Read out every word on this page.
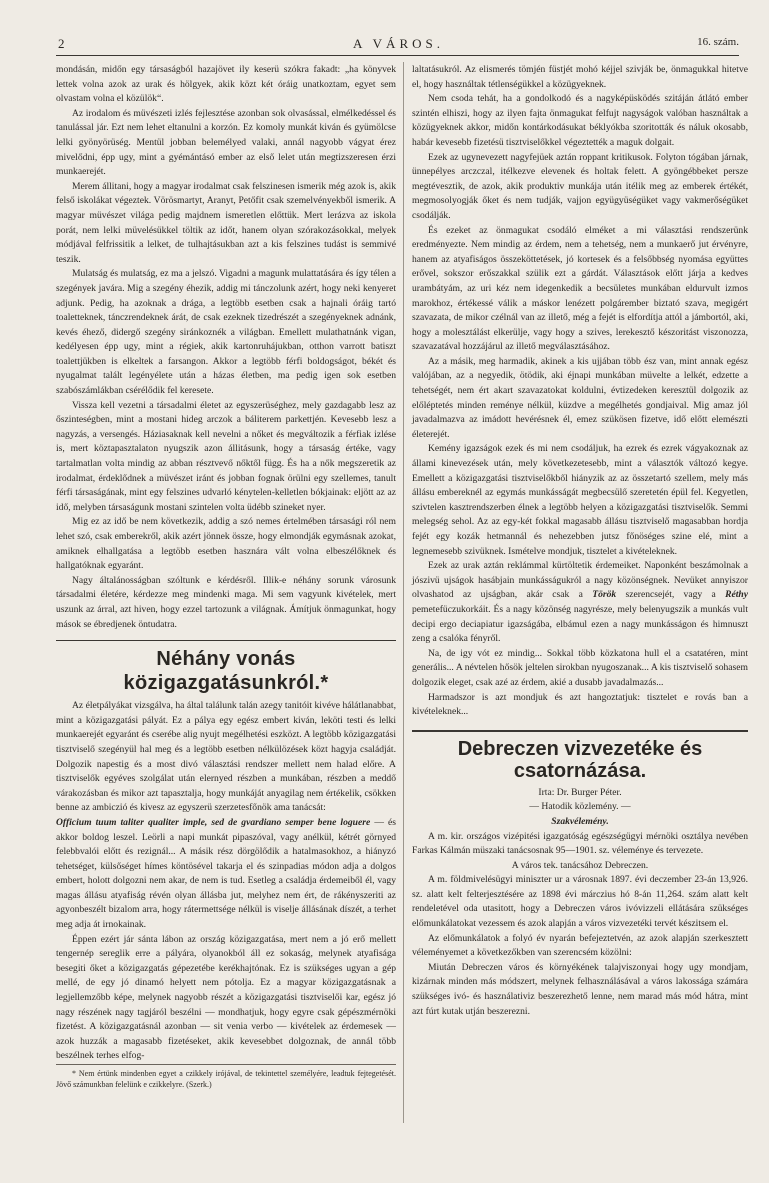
2	A VÁROS.	16. szám.

mondásán, midőn egy társaságból hazajövet ily keserü szókra fakadt: „ha könyvek lettek volna azok az urak és hölgyek, akik közt két óráig unatkoztam, egyet sem olvastam volna el közülök“.

Az irodalom és müvészeti izlés fejlesztése azonban sok olvasással, elmélkedéssel és tanulással jár. Ezt nem lehet eltanulni a korzón. Ez komoly munkát kiván és gyümölcse lelki gyönyörüség. Mentül jobban belemélyed valaki, annál nagyobb vágyat érez mivelődni, épp ugy, mint a gyémántásó ember az első lelet után megtizszeresen érzi munkaerejét.

Merem állitani, hogy a magyar irodalmat csak felszinesen ismerik még azok is, akik felső iskolákat végeztek. Vörösmartyt, Aranyt, Petőfit csak szemelvényekből ismerik. A magyar müvészet világa pedig majdnem ismeretlen előttük. Mert lerázva az iskola porát, nem lelki müvelésükkel töltik az időt, hanem olyan szórakozásokkal, melyek módjával felfrissitik a lelket, de tulhajtásukban azt a kis felszines tudást is semmivé teszik.

Mulatság és mulatság, ez ma a jelszó. Vigadni a magunk mulattatására és így télen a szegények javára. Mig a szegény éhezik, addig mi tánczolunk azért, hogy neki kenyeret adjunk. Pedig, ha azoknak a drága, a legtöbb esetben csak a hajnali óráig tartó toaletteknek, tánczrendeknek árát, de csak ezeknek tizedrészét a szegényeknek adnánk, kevés éhező, didergő szegény siránkoznék a világban. Emellett mulathatnánk vigan, kedélyesen épp ugy, mint a régiek, akik kartonruhájukban, otthon varrott batiszt toalettjükben is elkeltek a farsangon. Akkor a legtöbb férfi boldogságot, békét és nyugalmat talált legényélete után a házas életben, ma pedig igen sok esetben szabószámlákban csérélődik fel keresete.

Vissza kell vezetni a társadalmi életet az egyszerüséghez, mely gazdagabb lesz az őszinteségben, mint a mostani hideg arczok a báliterem parkettjén. Kevesebb lesz a nagyzás, a versengés. Háziasaknak kell nevelni a nőket és megváltozik a férfiak izlése is, mert köztapasztalaton nyugszik azon állitásunk, hogy a társaság értéke, vagy tartalmatlan volta mindig az abban résztvevő nőktől függ. És ha a nők megszeretik az irodalmat, érdeklődnek a müvészet iránt és jobban fognak örülni egy szellemes, tanult férfi társaságának, mint egy felszines udvarló kénytelen-kelletlen bókjainak: eljött az az idő, melyben társaságunk mostani szintelen volta üdébb szineket nyer.

Mig ez az idő be nem következik, addig a szó nemes értelmében társasági ról nem lehet szó, csak emberekről, akik azért jönnek össze, hogy elmondják egymásnak azokat, amiknek elhallgatása a legtöbb esetben hasznára vált volna elbeszélőknek és hallgatóknak egyaránt.

Nagy általánosságban szóltunk e kérdésről. Illik-e néhány sorunk városunk társadalmi életére, kérdezze meg mindenki maga. Mi sem vagyunk kivételek, mert uszunk az árral, azt hiven, hogy ezzel tartozunk a világnak. Ámítjuk önmagunkat, hogy mások se ébredjenek öntudatra.

Néhány vonás közigazgatásunkról.*

Az életpályákat vizsgálva, ha által találunk talán azegy tanitóit kivéve hálátlanabbat, mint a közigazgatási pályát. Ez a pálya egy egész embert kiván, leköti testi és lelki munkaerejét egyaránt és cserébe alig nyujt megélhetési eszközt. A legtöbb közigazgatási tisztviselő szegényül hal meg és a legtöbb esetben nélkülözések közt hagyja családját. Dolgozik napestig és a most divó választási rendszer mellett nem halad előre. A tisztviselők egyéves szolgálat után elernyed részben a munkában, részben a meddő várakozásban és mikor azt tapasztalja, hogy munkáját anyagilag nem értékelik, csökken benne az ambiczió és kivesz az egyszerü szerzetesfőnök ama tanácsát:

Officium tuum taliter qualiter imple, sed de gvardiano semper bene loguere — és akkor boldog leszel. Leörli a napi munkát pipaszóval, vagy anélkül, kétrét görnyed felebbvalói előtt és rezignál... A másik rész dörgölődik a hatalmasokhoz, a hiányzó tehetséget, külsőséget hímes köntösével takarja el és szinpadias módon adja a dolgos embert, holott dolgozni nem akar, de nem is tud. Esetleg a családja érdemeiből él, vagy magas állásu atyafiság révén olyan állásba jut, melyhez nem ért, de rákényszeriti az agyonbeszélt bizalom arra, hogy rátermettsége nélkül is viselje állásának díszét, a terhet meg adja át irnokainak.

Éppen ezért jár sánta lábon az ország közigazgatása, mert nem a jó erő mellett tengernép sereglik erre a pályára, olyanokból áll ez sokaság, melynek atyafisága besegiti őket a közigazgatás gépezetébe kerékhajtónak. Ez is szükséges ugyan a gép mellé, de egy jó dinamó helyett nem pótolja. Ez a magyar közigazgatásnak a legjellemzőbb képe, melynek nagyobb részét a közigazgatási tisztviselői kar, egész jó nagy részének nagy tagjáról beszélni — mondhatjuk, hogy egyre csak gépészmérnöki fizetést. A közigazgatásnál azonban — sit venia verbo — kivételek az érdemesek — azok huzzák a magasabb fizetéseket, akik kevesebbet dolgoznak, de annál több beszélnek terhes elfog-

* Nem értünk mindenben egyet a czikkely irójával, de tekintettel személyére, leadtuk fejtegetését. Jövő számunkban felelünk e czikkelyre. (Szerk.)

laltatásukról. Az elismerés tömjén füstjét mohó kéjjel szivják be, önmagukkal hitetve el, hogy használtak tétlenségükkel a közügyeknek.

Nem csoda tehát, ha a gondolkodó és a nagyképüsködés szitáján átlátó ember szintén elhiszi, hogy az ilyen fajta önmagukat felfujt nagyságok valóban használtak a közügyeknek akkor, midőn kontárkodásukat béklyókba szoritották és náluk okosabb, habár kevesebb fizetésü tisztviselőkkel végeztették a maguk dolgait.

Ezek az ugynevezett nagyfejüek aztán roppant kritikusok. Folyton tógában járnak, ünnepélyes arczczal, itélkezve elevenek és holtak felett. A gyöngébbeket persze megtévesztik, de azok, akik produktiv munkája után itélik meg az emberek értékét, megmosolyogják őket és nem tudják, vajjon együgyüségüket vagy vakmerőségüket csodálják.

És ezeket az önmagukat csodáló elméket a mi választási rendszerünk eredményezte. Nem mindig az érdem, nem a tehetség, nem a munkaerő jut érvényre, hanem az atyafiságos összeköttetések, jó kortesek és a felsőbbség nyomása együttes erővel, sokszor erőszakkal szülik ezt a gárdát. Választások előtt járja a kedves urambátyám, az uri kéz nem idegenkedik a becsületes munkában eldurvult izmos marokhoz, értékessé válik a máskor lenézett polgárember biztató szava, megigért szavazata, de mikor czélnál van az illető, még a fejét is elfordítja attól a jámbortól, aki, hogy a molesztálást elkerülje, vagy hogy a szives, lerekesztő készoritást viszonozza, szavazatával hozzájárul az illető megválasztásához.

Az a másik, meg harmadik, akinek a kis ujjában több ész van, mint annak egész valójában, az a negyedik, ötödik, aki éjnapi munkában müvelte a lelkét, edzette a tehetségét, nem ért akart szavazatokat koldulni, évtizedeken keresztül dolgozik az előléptetés minden reménye nélkül, küzdve a megélhetés gondjaival. Mig amaz jól javadalmazva az imádott hevérésnek él, emez szükösen fizetve, idő előtt elemészti életerejét.

Kemény igazságok ezek és mi nem csodáljuk, ha ezrek és ezrek vágyakoznak az állami kinevezések után, mely következetesebb, mint a választók változó kegye. Emellett a közigazgatási tisztviselőkből hiányzik az az összetartó szellem, mely más állásu embereknél az egymás munkásságát megbecsülő szeretetén épül fel. Kegyetlen, szivtelen kasztrendszerben élnek a legtöbb helyen a közigazgatási tisztviselők. Semmi melegség sehol. Az az egy-két fokkal magasabb állásu tisztviselő magasabban hordja fejét egy kozák hetmannál és nehezebben jutsz főnöséges szine elé, mint a legnemesebb szivüknek. Ismételve mondjuk, tisztelet a kivételeknek.

Ezek az urak aztán reklámmal kürtöltetik érdemeiket. Naponként beszámolnak a jószivü ujságok hasábjain munkásságukról a nagy közönségnek. Nevüket annyiszor olvashatod az ujságban, akár csak a Török szerencsejét, vagy a Réthy pemetefüczukorkáit. És a nagy közönség nagyrésze, mely belenyugszik a munkás vult decipi ergo deciapiatur igazságába, elbámul ezen a nagy munkásságon és himnuszt zeng a csalóka fényről.

Na, de igy vót ez mindig... Sokkal több közkatona hull el a csatatéren, mint generális... A névtelen hősök jeltelen sirokban nyugoszanak... A kis tisztviselő sohasem dolgozik eleget, csak azé az érdem, akié a dusabb javadalmazás...

Harmadszor is azt mondjuk és azt hangoztatjuk: tisztelet e rovás ban a kivételeknek...

Debreczen vizvezetéke és csatornázása.

Irta: Dr. Burger Péter.

— Hatodik közlemény. —

Szakvélemény.

A m. kir. országos vizépitési igazgatóság egészségügyi mérnöki osztálya nevében Farkas Kálmán müszaki tanácsosnak 95—1901. sz. véleménye és tervezete.

A város tek. tanácsához Debreczen.

A m. földmivelésügyi miniszter ur a városnak 1897. évi deczember 23-án 13,926. sz. alatt kelt felterjesztésére az 1898 évi márczius hó 8-án 11,264. szám alatt kelt rendeletével oda utasitott, hogy a Debreczen város ivóvizzeli ellátására szükséges előmunkálatokat vezessem és azok alapján a város vizvezetéki tervét készitsem el.

Az előmunkálatok a folyó év nyarán befejeztetvén, az azok alapján szerkesztett véleményemet a következőkben van szerencsém közölni:

Miután Debreczen város és környékének talajviszonyai hogy ugy mondjam, kizárnak minden más módszert, melynek felhasználásával a város lakossága számára szükséges ivó- és használativiz beszerezhető lenne, nem marad más mód hátra, mint azt fúrt kutak utján beszerezni.
